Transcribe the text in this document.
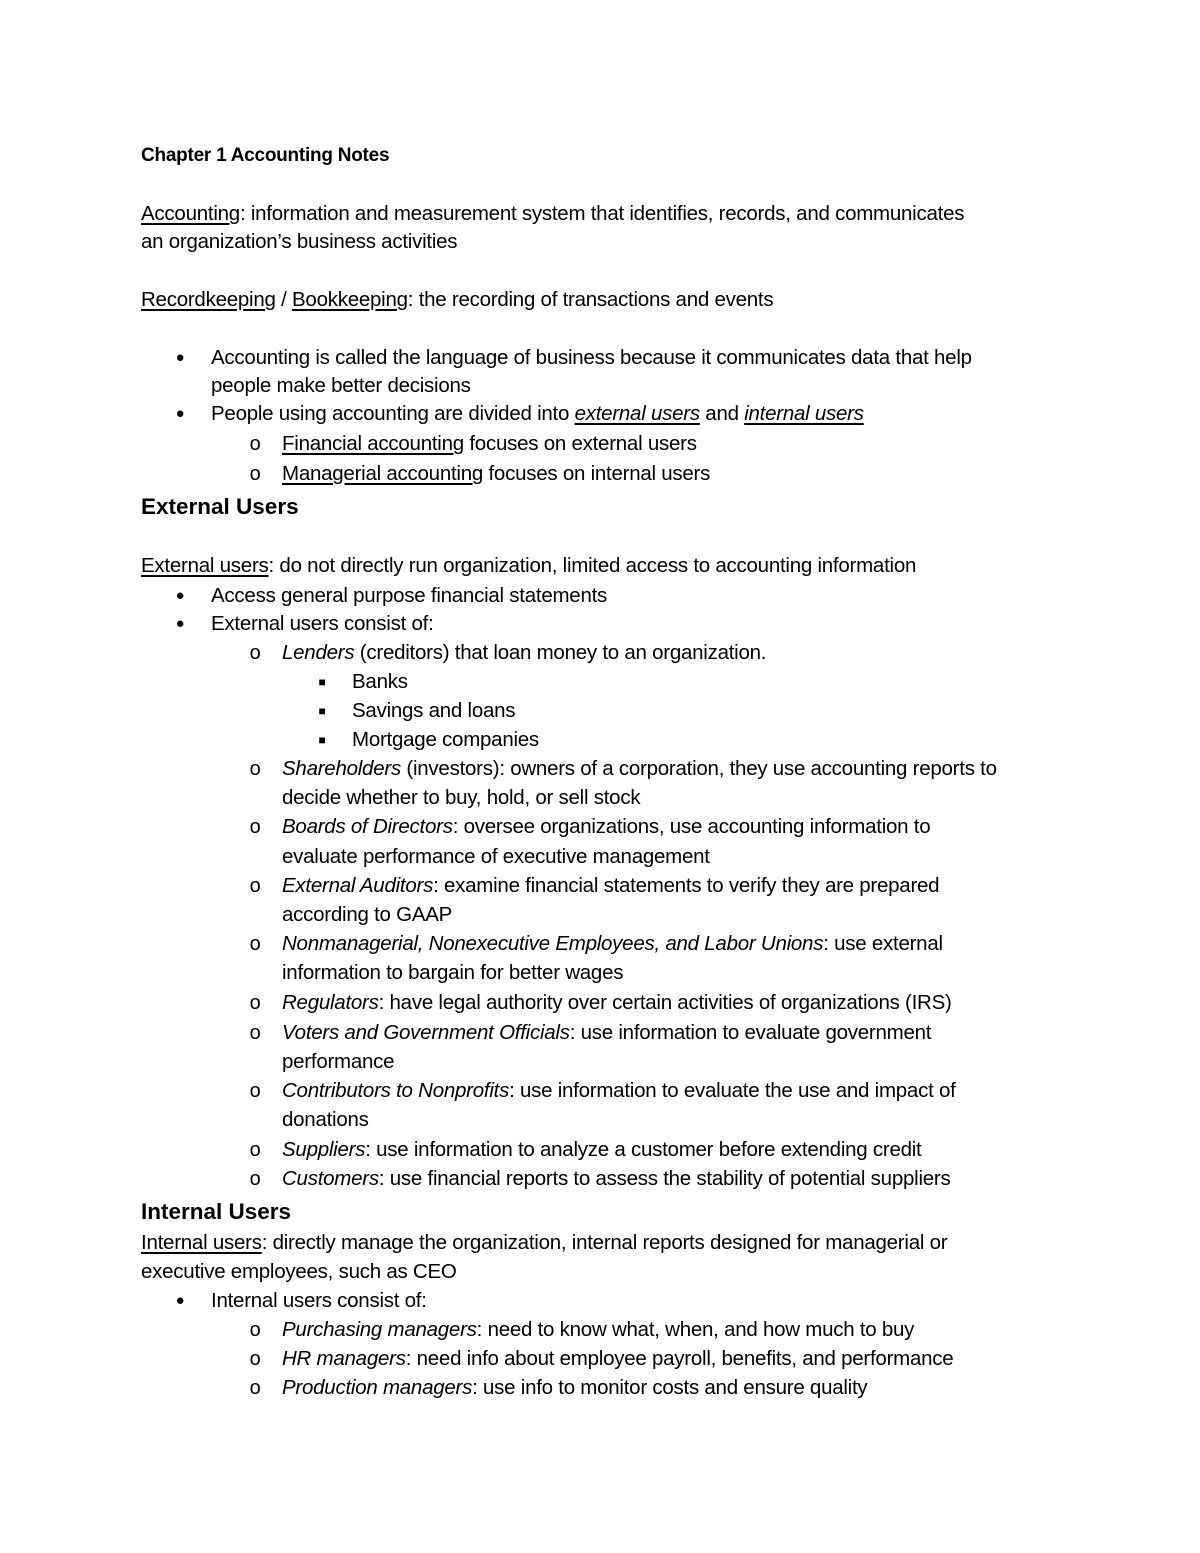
Chapter 1 Accounting Notes
Accounting: information and measurement system that identifies, records, and communicates
an organization’s business activities
Recordkeeping / Bookkeeping: the recording of transactions and events
● Accounting is called the language of business because it communicates data that help
people make better decisions
● People using accounting are divided into external users and internal users
o Financial accounting focuses on external users
o Managerial accounting focuses on internal users
External Users
External users: do not directly run organization, limited access to accounting information
● Access general purpose financial statements
● External users consist of:
o Lenders (creditors) that loan money to an organization.
■ Banks
■ Savings and loans
■ Mortgage companies
o Shareholders (investors): owners of a corporation, they use accounting reports to
decide whether to buy, hold, or sell stock
o Boards of Directors: oversee organizations, use accounting information to
evaluate performance of executive management
o External Auditors: examine financial statements to verify they are prepared
according to GAAP
o Nonmanagerial, Nonexecutive Employees, and Labor Unions: use external
information to bargain for better wages
o Regulators: have legal authority over certain activities of organizations (IRS)
o Voters and Government Officials: use information to evaluate government
performance
o Contributors to Nonprofits: use information to evaluate the use and impact of
donations
o Suppliers: use information to analyze a customer before extending credit
o Customers: use financial reports to assess the stability of potential suppliers
Internal Users
Internal users: directly manage the organization, internal reports designed for managerial or
executive employees, such as CEO
● Internal users consist of:
o Purchasing managers: need to know what, when, and how much to buy
o HR managers: need info about employee payroll, benefits, and performance
o Production managers: use info to monitor costs and ensure quality
